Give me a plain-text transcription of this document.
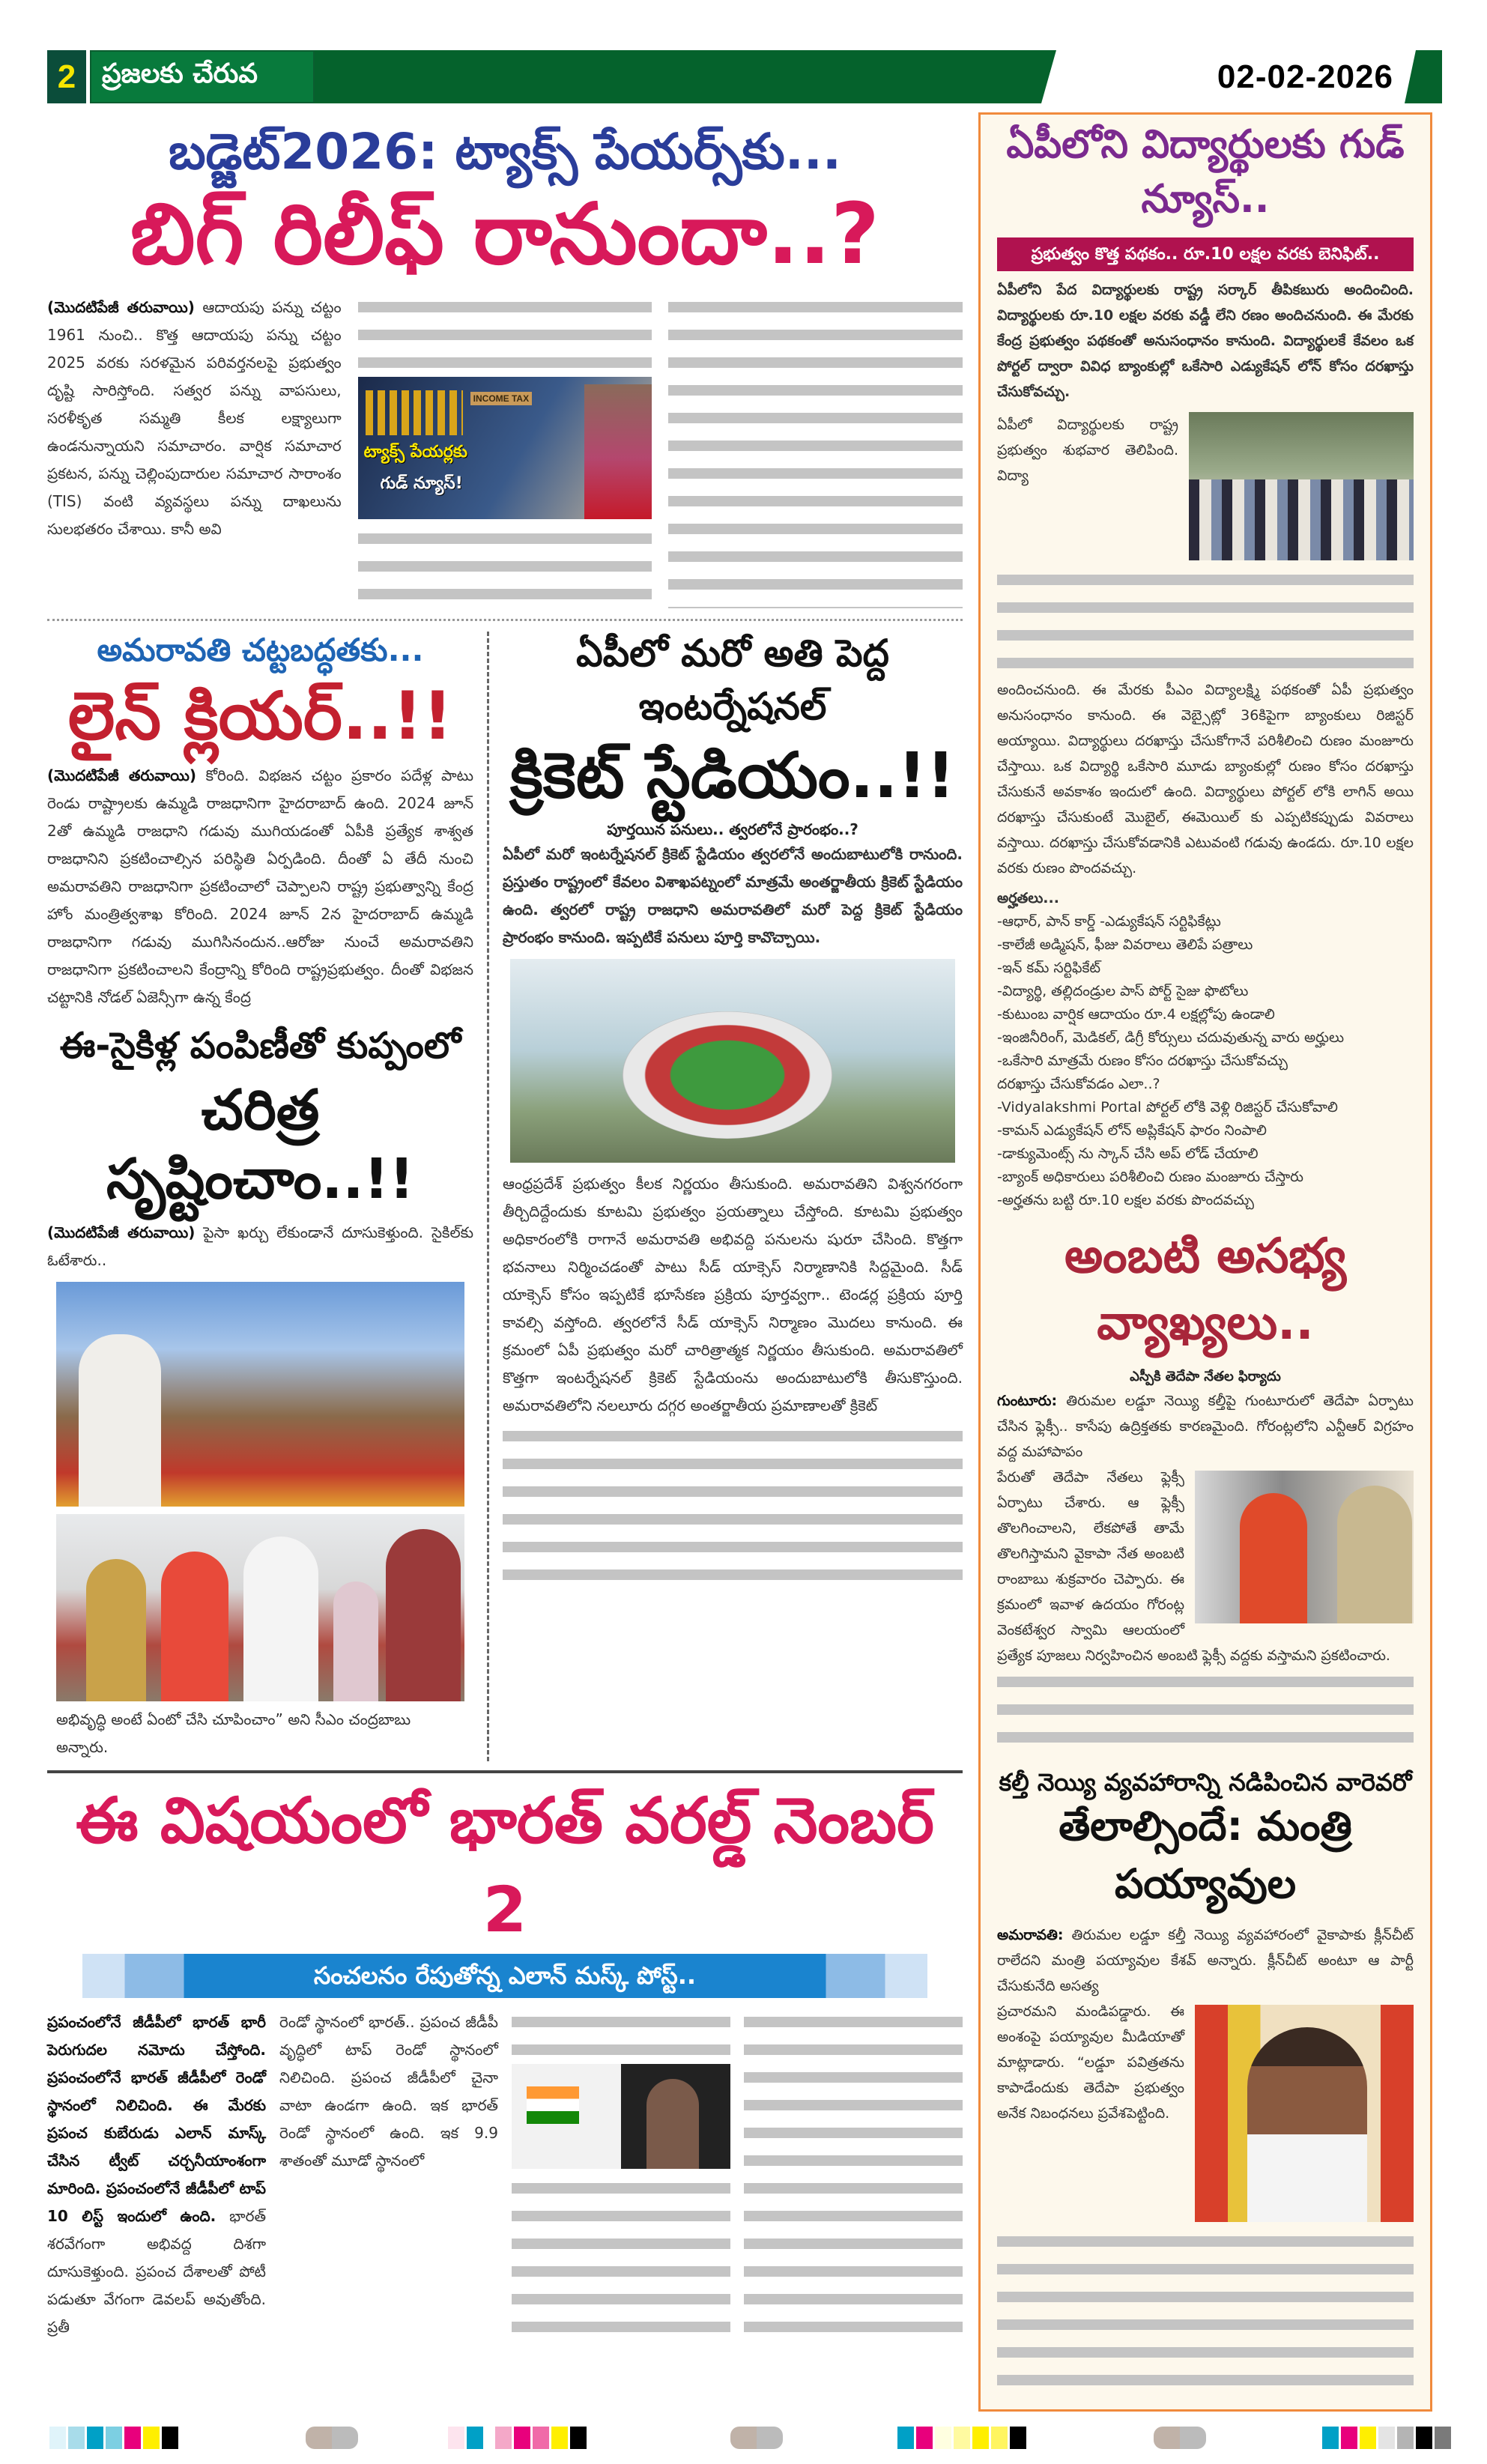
2 ప్రజలకు చేరువ	02-02-2026
బడ్జెట్2026: ట్యాక్స్ పేయర్స్‌కు...
బిగ్ రిలీఫ్ రానుందా..?
(మొదటిపేజీ తరువాయి) ఆదాయపు పన్ను చట్టం 1961 నుంచి.. కొత్త ఆదాయపు పన్ను చట్టం 2025 వరకు సరళమైన పరివర్తనలపై ప్రభుత్వం దృష్టి సారిస్తోంది. సత్వర పన్ను వాపసులు, సరళీకృత సమ్మతి కీలక లక్ష్యాలుగా ఉండనున్నాయని సమాచారం. వార్షిక సమాచార ప్రకటన, పన్ను చెల్లింపుదారుల సమాచార సారాంశం (TIS) వంటి వ్యవస్థలు పన్ను దాఖలును సులభతరం చేశాయి. కానీ అవి
INCOME TAX
ట్యాక్స్ పేయర్లకు
గుడ్ న్యూస్!
అమరావతి చట్టబద్ధతకు...
లైన్ క్లియర్..!!
(మొదటిపేజీ తరువాయి) కోరింది. విభజన చట్టం ప్రకారం పదేళ్ల పాటు రెండు రాష్ట్రాలకు ఉమ్మడి రాజధానిగా హైదరాబాద్ ఉంది. 2024 జూన్ 2తో ఉమ్మడి రాజధాని గడువు ముగియడంతో ఏపీకి ప్రత్యేక శాశ్వత రాజధానిని ప్రకటించాల్సిన పరిస్థితి ఏర్పడింది. దీంతో ఏ తేదీ నుంచి అమరావతిని రాజధానిగా ప్రకటించాలో చెప్పాలని రాష్ట్ర ప్రభుత్వాన్ని కేంద్ర హోం మంత్రిత్వశాఖ కోరింది. 2024 జూన్ 2న హైదరాబాద్ ఉమ్మడి రాజధానిగా గడువు ముగిసినందున..ఆరోజు నుంచే అమరావతిని రాజధానిగా ప్రకటించాలని కేంద్రాన్ని కోరింది రాష్ట్రప్రభుత్వం. దీంతో విభజన చట్టానికి నోడల్ ఏజెన్సీగా ఉన్న కేంద్ర
ఈ-సైకిళ్ల పంపిణీతో కుప్పంలో
చరిత్ర సృష్టించాం..!!
(మొదటిపేజీ తరువాయి) పైసా ఖర్చు లేకుండానే దూసుకెళ్తుంది. సైకిల్‌కు ఓటేశారు..
అభివృద్ధి అంటే ఏంటో చేసి చూపించాం” అని సీఎం చంద్రబాబు అన్నారు.
ఏపీలో మరో అతి పెద్ద ఇంటర్నేషనల్
క్రికెట్ స్టేడియం..!!
పూర్తయిన పనులు.. త్వరలోనే ప్రారంభం..?
ఏపీలో మరో ఇంటర్నేషనల్ క్రికెట్ స్టేడియం త్వరలోనే అందుబాటులోకి రానుంది. ప్రస్తుతం రాష్ట్రంలో కేవలం విశాఖపట్నంలో మాత్రమే అంతర్జాతీయ క్రికెట్ స్టేడియం ఉంది. త్వరలో రాష్ట్ర రాజధాని అమరావతిలో మరో పెద్ద క్రికెట్ స్టేడియం ప్రారంభం కానుంది. ఇప్పటికే పనులు పూర్తి కావొచ్చాయి.
ఆంధ్రప్రదేశ్ ప్రభుత్వం కీలక నిర్ణయం తీసుకుంది. అమరావతిని విశ్వనగరంగా తీర్చిదిద్దేందుకు కూటమి ప్రభుత్వం ప్రయత్నాలు చేస్తోంది. కూటమి ప్రభుత్వం అధికారంలోకి రాగానే అమరావతి అభివద్ది పనులను షురూ చేసింది. కొత్తగా భవనాలు నిర్మించడంతో పాటు సీడ్ యాక్సెస్ నిర్మాణానికి సిద్దమైంది. సీడ్ యాక్సెస్ కోసం ఇప్పటికే భూసేకణ ప్రక్రియ పూర్తవ్వగా.. టెండర్ల ప్రక్రియ పూర్తి కావల్సి వస్తోంది. త్వరలోనే సీడ్ యాక్సెస్ నిర్మాణం మొదలు కానుంది. ఈ క్రమంలో ఏపీ ప్రభుత్వం మరో చారిత్రాత్మక నిర్ణయం తీసుకుంది. అమరావతిలో కొత్తగా ఇంటర్నేషనల్ క్రికెట్ స్టేడియంను అందుబాటులోకి తీసుకొస్తుంది. అమరావతిలోని నలలూరు దగ్గర అంతర్జాతీయ ప్రమాణాలతో క్రికెట్
ఈ విషయంలో భారత్ వరల్డ్ నెంబర్ 2
సంచలనం రేపుతోన్న ఎలాన్ మస్క్ పోస్ట్..
ప్రపంచంలోనే జీడీపీలో భారత్ భారీ పెరుగుదల నమోదు చేస్తోంది. ప్రపంచంలోనే భారత్ జీడీపీలో రెండో స్థానంలో నిలిచింది. ఈ మేరకు ప్రపంచ కుబేరుడు ఎలాన్ మాస్క్ చేసిన ట్వీట్ చర్చనీయాంశంగా మారింది. ప్రపంచంలోనే జీడీపీలో టాప్ 10 లిస్ట్ ఇందులో ఉంది. భారత్ శరవేగంగా అభివద్ద దిశగా దూసుకెళ్తుంది. ప్రపంచ దేశాలతో పోటీ పడుతూ వేగంగా డెవలప్ అవుతోంది. ప్రతీ
రెండో స్థానంలో భారత్.. ప్రపంచ జీడీపీ వృద్ధిలో టాప్ రెండో స్థానంలో నిలిచింది. ప్రపంచ జీడీపీలో చైనా వాటా ఉండగా ఉంది. ఇక భారత్ రెండో స్థానంలో ఉంది. ఇక 9.9 శాతంతో మూడో స్థానంలో
ఏపీలోని విద్యార్థులకు గుడ్ న్యూస్..
ప్రభుత్వం కొత్త పథకం.. రూ.10 లక్షల వరకు బెనిఫిట్..
ఏపీలోని పేద విద్యార్థులకు రాష్ట్ర సర్కార్ తీపికబురు అందించింది. విద్యార్థులకు రూ.10 లక్షల వరకు వడ్డీ లేని రణం అందిచనుంది. ఈ మేరకు కేంద్ర ప్రభుత్వం పథకంతో అనుసంధానం కానుంది. విద్యార్థులకే కేవలం ఒక పోర్టల్ ద్వారా వివిధ బ్యాంకుల్లో ఒకేసారి ఎడ్యుకేషన్ లోన్ కోసం దరఖాస్తు చేసుకోవచ్చు.
ఏపీలో విద్యార్థులకు రాష్ట్ర ప్రభుత్వం శుభవార తెలిపింది. విద్యా
అందించనుంది. ఈ మేరకు పీఎం విద్యాలక్ష్మి పథకంతో ఏపీ ప్రభుత్వం అనుసంధానం కానుంది. ఈ వెబ్సైట్లో 36కిపైగా బ్యాంకులు రిజిస్టర్ అయ్యాయి. విద్యార్థులు దరఖాస్తు చేసుకోగానే పరిశీలించి రుణం మంజూరు చేస్తాయి. ఒక విద్యార్థి ఒకేసారి మూడు బ్యాంకుల్లో రుణం కోసం దరఖాస్తు చేసుకునే అవకాశం ఇందులో ఉంది. విద్యార్థులు పోర్టల్ లోకి లాగిన్ అయి దరఖాస్తు చేసుకుంటే మొబైల్, ఈమెయిల్ కు ఎప్పటికప్పుడు వివరాలు వస్తాయి. దరఖాస్తు చేసుకోవడానికి ఎటువంటి గడువు ఉండదు. రూ.10 లక్షల వరకు రుణం పొందవచ్చు.
అర్హతలు...
-ఆధార్, పాన్ కార్డ్ -ఎడ్యుకేషన్ సర్టిఫికేట్లు
-కాలేజీ అడ్మిషన్, ఫీజు వివరాలు తెలిపే పత్రాలు
-ఇన్ కమ్ సర్టిఫికేట్
-విద్యార్థి, తల్లిదండ్రుల పాస్ పోర్ట్ సైజు ఫొటోలు
-కుటుంబ వార్షిక ఆదాయం రూ.4 లక్షల్లోపు ఉండాలి
-ఇంజినీరింగ్, మెడికల్, డిగ్రీ కోర్సులు చదువుతున్న వారు అర్హులు
-ఒకేసారి మాత్రమే రుణం కోసం దరఖాస్తు చేసుకోవచ్చు
దరఖాస్తు చేసుకోవడం ఎలా..?
-Vidyalakshmi Portal పోర్టల్ లోకి వెళ్లి రిజిస్టర్ చేసుకోవాలి
-కామన్ ఎడ్యుకేషన్ లోన్ అప్లికేషన్ ఫారం నింపాలి
-డాక్యుమెంట్స్ ను స్కాన్ చేసి అప్ లోడ్ చేయాలి
-బ్యాంక్ అధికారులు పరిశీలించి రుణం మంజూరు చేస్తారు
-అర్హతను బట్టి రూ.10 లక్షల వరకు పొందవచ్చు
అంబటి అసభ్య వ్యాఖ్యలు..
ఎస్పీకి తెదేపా నేతల ఫిర్యాదు
గుంటూరు: తిరుమల లడ్డూ నెయ్యి కల్తీపై గుంటూరులో తెదేపా ఏర్పాటు చేసిన ఫ్లెక్సీ.. కాసేపు ఉద్రిక్తతకు కారణమైంది. గోరంట్లలోని ఎన్టీఆర్ విగ్రహం వద్ద మహాపాపం
పేరుతో తెదేపా నేతలు ఫ్లెక్సీ ఏర్పాటు చేశారు. ఆ ఫ్లెక్సీ తొలగించాలని, లేకపోతే తామే తొలగిస్తామని వైకాపా నేత అంబటి రాంబాబు శుక్రవారం చెప్పారు. ఈ క్రమంలో ఇవాళ ఉదయం గోరంట్ల వెంకటేశ్వర స్వామి ఆలయంలో ప్రత్యేక పూజలు నిర్వహించిన అంబటి ఫ్లెక్సీ వద్దకు వస్తామని ప్రకటించారు.
కల్తీ నెయ్యి వ్యవహారాన్ని నడిపించిన వారెవరో
తేలాల్సిందే: మంత్రి పయ్యావుల
అమరావతి: తిరుమల లడ్డూ కల్తీ నెయ్యి వ్యవహారంలో వైకాపాకు క్లీన్‌చీట్ రాలేదని మంత్రి పయ్యావుల కేశవ్ అన్నారు. క్లీన్‌చీట్ అంటూ ఆ పార్టీ చేసుకునేది అసత్య
ప్రచారమని మండిపడ్డారు. ఈ అంశంపై పయ్యావుల మీడియాతో మాట్లాడారు. “లడ్డూ పవిత్రతను కాపాడేందుకు తెదేపా ప్రభుత్వం అనేక నిబంధనలు ప్రవేశపెట్టింది.
